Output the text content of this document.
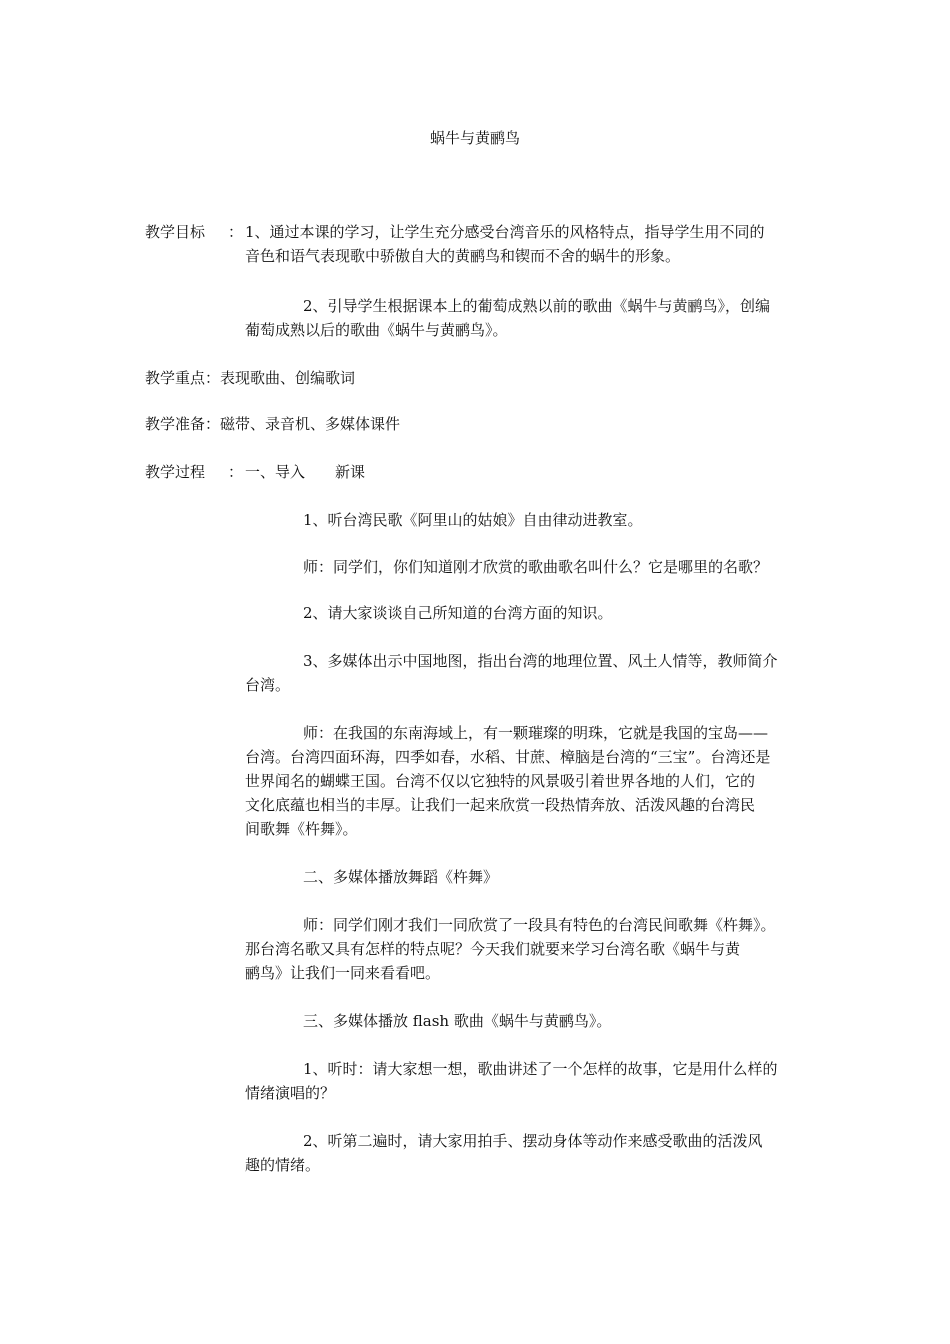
蜗牛与黄鹂鸟
教学目标 ： 1、通过本课的学习，让学生充分感受台湾音乐的风格特点，指导学生用不同的
音色和语气表现歌中骄傲自大的黄鹂鸟和锲而不舍的蜗牛的形象。
2、引导学生根据课本上的葡萄成熟以前的歌曲《蜗牛与黄鹂鸟》，创编
葡萄成熟以后的歌曲《蜗牛与黄鹂鸟》。
教学重点：表现歌曲、创编歌词
教学准备：磁带、录音机、多媒体课件
教学过程 ： 一、导入　　新课
1、听台湾民歌《阿里山的姑娘》自由律动进教室。
师：同学们，你们知道刚才欣赏的歌曲歌名叫什么？它是哪里的名歌？
2、请大家谈谈自己所知道的台湾方面的知识。
3、多媒体出示中国地图，指出台湾的地理位置、风土人情等，教师简介
台湾。
师：在我国的东南海域上，有一颗璀璨的明珠，它就是我国的宝岛——
台湾。台湾四面环海，四季如春，水稻、甘蔗、樟脑是台湾的“三宝”。台湾还是
世界闻名的蝴蝶王国。台湾不仅以它独特的风景吸引着世界各地的人们，它的
文化底蕴也相当的丰厚。让我们一起来欣赏一段热情奔放、活泼风趣的台湾民
间歌舞《杵舞》。
二、多媒体播放舞蹈《杵舞》
师：同学们刚才我们一同欣赏了一段具有特色的台湾民间歌舞《杵舞》。
那台湾名歌又具有怎样的特点呢？今天我们就要来学习台湾名歌《蜗牛与黄
鹂鸟》让我们一同来看看吧。
三、多媒体播放 flash 歌曲《蜗牛与黄鹂鸟》。
1、听时：请大家想一想，歌曲讲述了一个怎样的故事，它是用什么样的
情绪演唱的？
2、听第二遍时，请大家用拍手、摆动身体等动作来感受歌曲的活泼风
趣的情绪。
